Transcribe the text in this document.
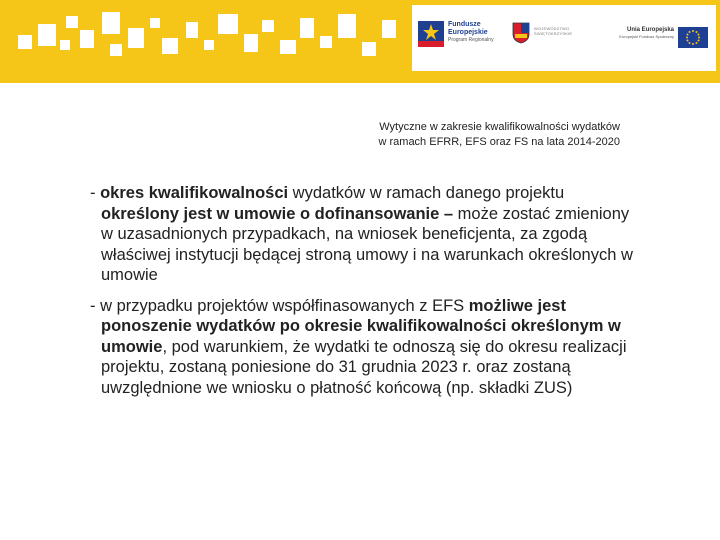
Fundusze
Europejskie
Program Regionalny
WOJEWÓDZTWO
ŚWIĘTOKRZYSKIE
Unia Europejska
Europejski Fundusz Społeczny
Wytyczne w zakresie kwalifikowalności wydatków
w ramach EFRR, EFS oraz FS na lata 2014-2020
- okres kwalifikowalności wydatków w ramach danego projektu określony jest w umowie o dofinansowanie – może zostać zmieniony w uzasadnionych przypadkach, na wniosek beneficjenta, za zgodą właściwej instytucji będącej stroną umowy i na warunkach określonych w umowie
- w przypadku projektów współfinasowanych z EFS możliwe jest ponoszenie wydatków po okresie kwalifikowalności określonym w umowie, pod warunkiem, że wydatki te odnoszą się do okresu realizacji projektu, zostaną poniesione do 31 grudnia 2023 r. oraz zostaną uwzględnione we wniosku o płatność końcową (np. składki ZUS)
